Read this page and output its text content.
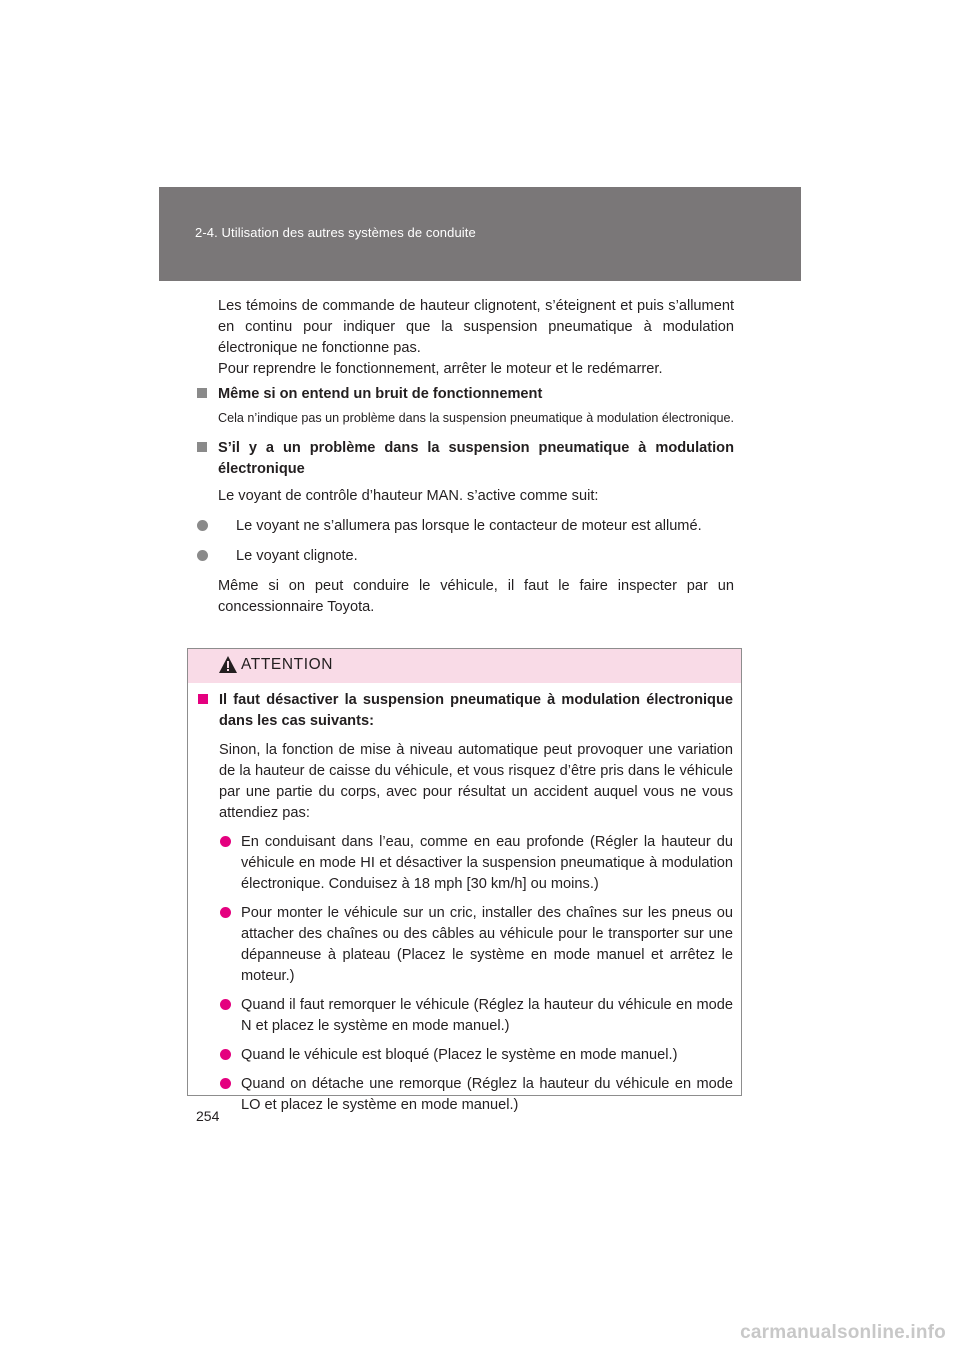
2-4. Utilisation des autres systèmes de conduite

Les témoins de commande de hauteur clignotent, s’éteignent et puis s’allument en continu pour indiquer que la suspension pneumatique à modulation électronique ne fonctionne pas.

Pour reprendre le fonctionnement, arrêter le moteur et le redémarrer.

Même si on entend un bruit de fonctionnement

Cela n’indique pas un problème dans la suspension pneumatique à modulation électronique.

S’il y a un problème dans la suspension pneumatique à modulation électronique

Le voyant de contrôle d’hauteur MAN. s’active comme suit:

Le voyant ne s’allumera pas lorsque le contacteur de moteur est allumé.
Le voyant clignote.

Même si on peut conduire le véhicule, il faut le faire inspecter par un concessionnaire Toyota.

ATTENTION
Il faut désactiver la suspension pneumatique à modulation électronique dans les cas suivants:

Sinon, la fonction de mise à niveau automatique peut provoquer une variation de la hauteur de caisse du véhicule, et vous risquez d’être pris dans le véhicule par une partie du corps, avec pour résultat un accident auquel vous ne vous attendiez pas:

En conduisant dans l’eau, comme en eau profonde (Régler la hauteur du véhicule en mode HI et désactiver la suspension pneumatique à modulation électronique. Conduisez à 18 mph [30 km/h] ou moins.)
Pour monter le véhicule sur un cric, installer des chaînes sur les pneus ou attacher des chaînes ou des câbles au véhicule pour le transporter sur une dépanneuse à plateau (Placez le système en mode manuel et arrêtez le moteur.)
Quand il faut remorquer le véhicule (Réglez la hauteur du véhicule en mode N et placez le système en mode manuel.)
Quand le véhicule est bloqué (Placez le système en mode manuel.)
Quand on détache une remorque (Réglez la hauteur du véhicule en mode LO et placez le système en mode manuel.)
254
carmanualsonline.info
